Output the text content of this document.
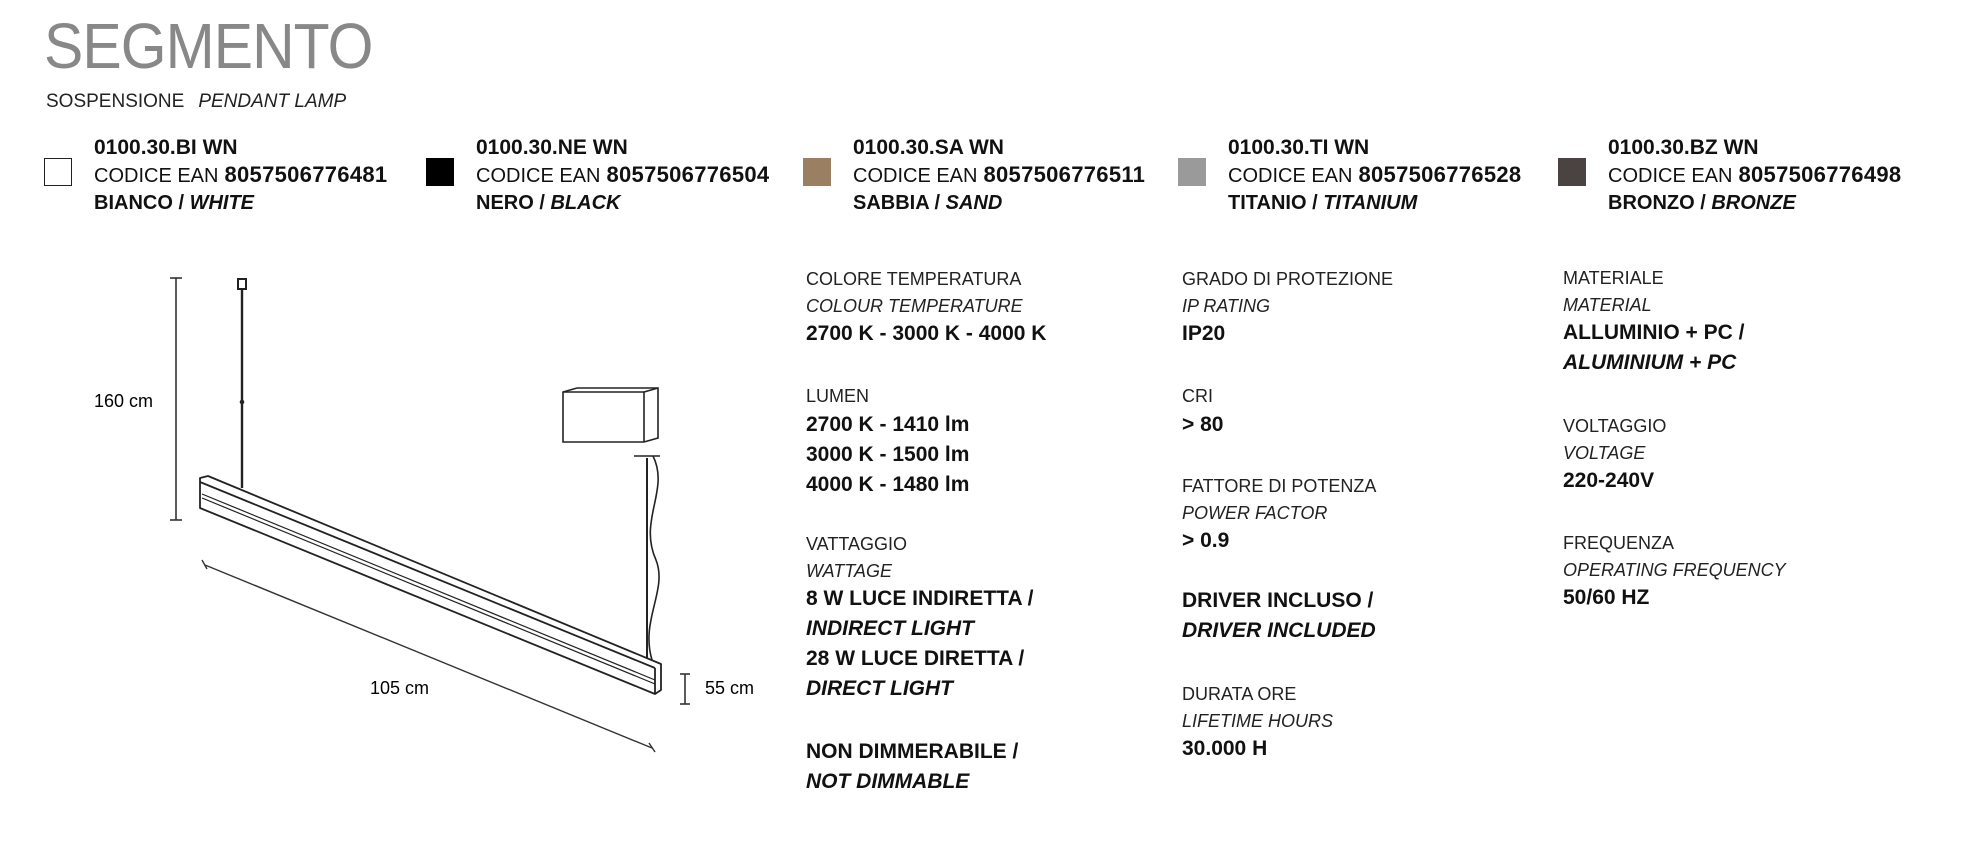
SEGMENTO
SOSPENSIONE PENDANT LAMP
0100.30.BI WN
CODICE EAN 8057506776481
BIANCO / WHITE
0100.30.NE WN
CODICE EAN 8057506776504
NERO / BLACK
0100.30.SA WN
CODICE EAN 8057506776511
SABBIA / SAND
0100.30.TI WN
CODICE EAN 8057506776528
TITANIO / TITANIUM
0100.30.BZ WN
CODICE EAN 8057506776498
BRONZO / BRONZE
160 cm
105 cm	55 cm
COLORE TEMPERATURA
COLOUR TEMPERATURE
2700 K - 3000 K - 4000 K
LUMEN
2700 K - 1410 lm
3000 K - 1500 lm
4000 K - 1480 lm
VATTAGGIO
WATTAGE
8 W LUCE INDIRETTA /
INDIRECT LIGHT
28 W LUCE DIRETTA /
DIRECT LIGHT
NON DIMMERABILE /
NOT DIMMABLE
GRADO DI PROTEZIONE
IP RATING
IP20
CRI
> 80
FATTORE DI POTENZA
POWER FACTOR
> 0.9
DRIVER INCLUSO /
DRIVER INCLUDED
DURATA ORE
LIFETIME HOURS
30.000 H
MATERIALE
MATERIAL
ALLUMINIO + PC /
ALUMINIUM + PC
VOLTAGGIO
VOLTAGE
220-240V
FREQUENZA
OPERATING FREQUENCY
50/60 HZ
